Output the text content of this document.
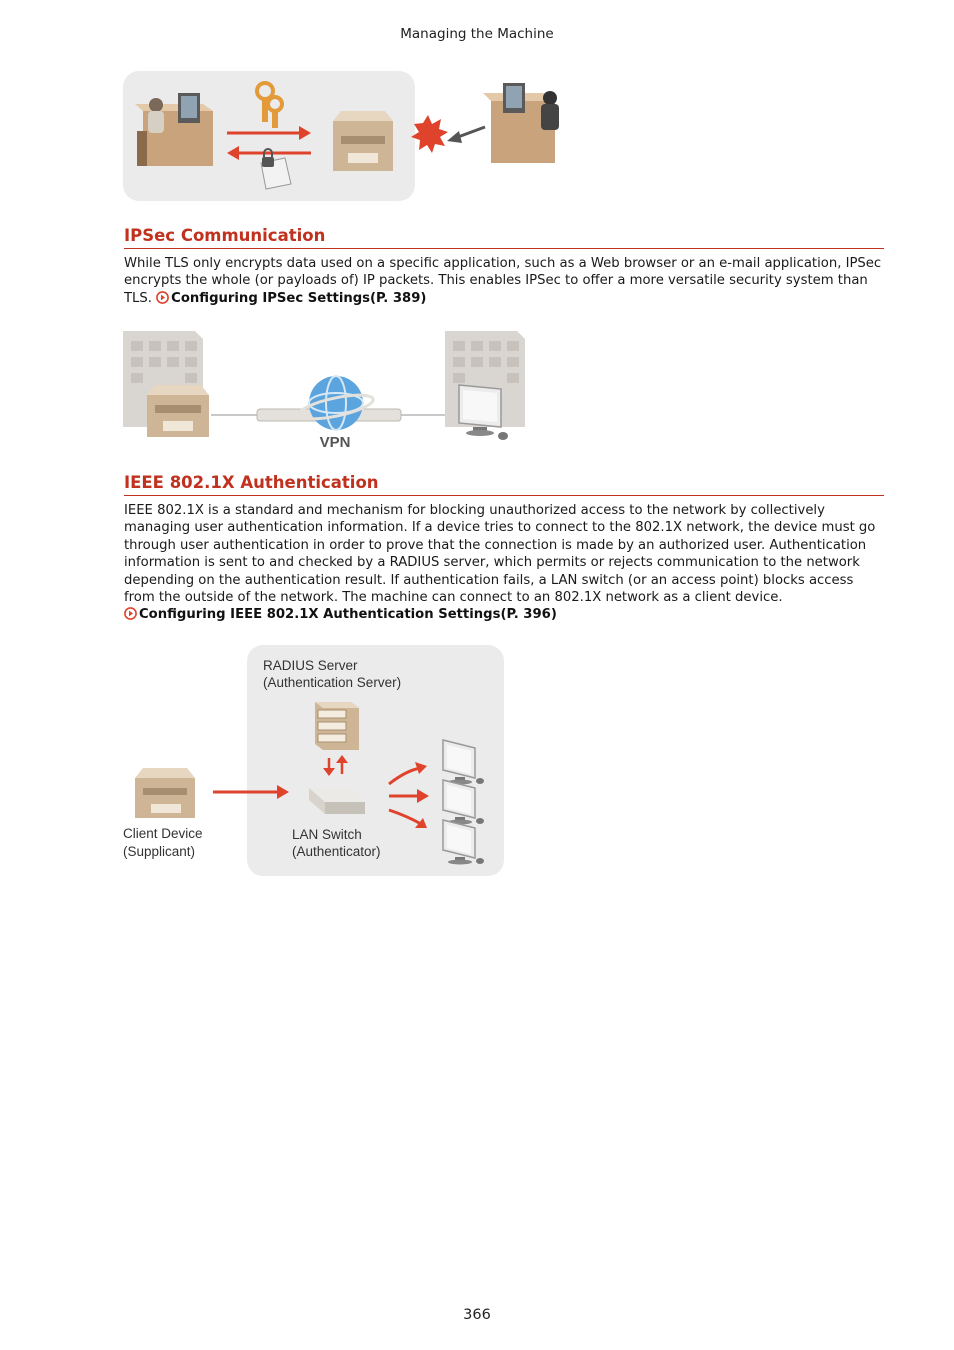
Managing the Machine
IPSec Communication

While TLS only encrypts data used on a specific application, such as a Web browser or an e-mail application, IPSec encrypts the whole (or payloads of) IP packets. This enables IPSec to offer a more versatile security system than TLS. Configuring IPSec Settings(P. 389)

VPN
IEEE 802.1X Authentication

IEEE 802.1X is a standard and mechanism for blocking unauthorized access to the network by collectively managing user authentication information. If a device tries to connect to the 802.1X network, the device must go through user authentication in order to prove that the connection is made by an authorized user. Authentication information is sent to and checked by a RADIUS server, which permits or rejects communication to the network depending on the authentication result. If authentication fails, a LAN switch (or an access point) blocks access from the outside of the network. The machine can connect to an 802.1X network as a client device. Configuring IEEE 802.1X Authentication Settings(P. 396)

RADIUS Server
(Authentication Server)
LAN Switch
(Authenticator)
Client Device
(Supplicant)
366
